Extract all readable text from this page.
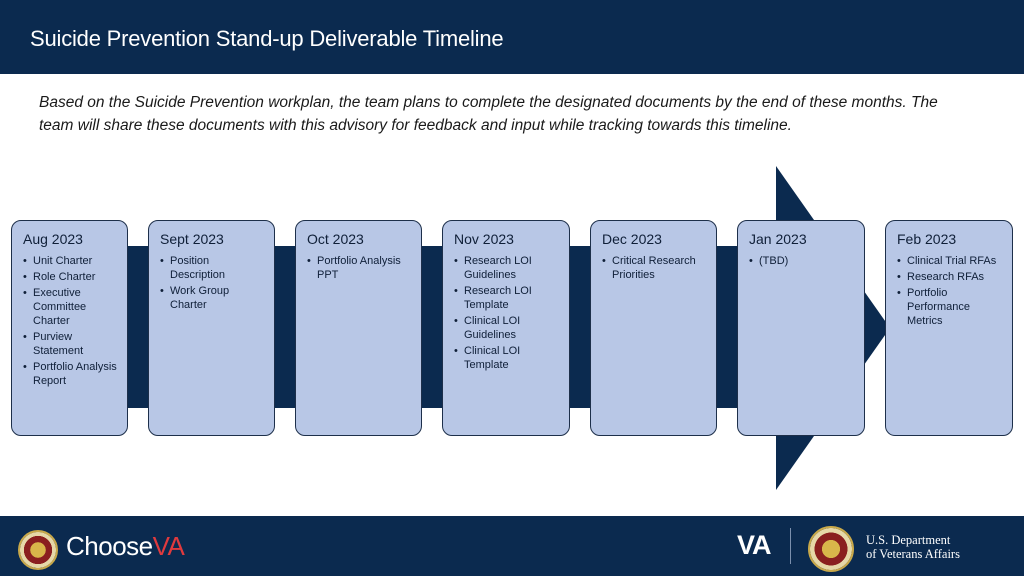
Suicide Prevention Stand-up Deliverable Timeline
Based on the Suicide Prevention workplan, the team plans to complete the designated documents by the end of these months. The team will share these documents with this advisory for feedback and input while tracking towards this timeline.
Aug 2023
• Unit Charter
• Role Charter
• Executive Committee Charter
• Purview Statement
• Portfolio Analysis Report
Sept 2023
• Position Description
• Work Group Charter
Oct 2023
• Portfolio Analysis PPT
Nov 2023
• Research LOI Guidelines
• Research LOI Template
• Clinical LOI Guidelines
• Clinical LOI Template
Dec 2023
• Critical Research Priorities
Jan 2023
• (TBD)
Feb 2023
• Clinical Trial RFAs
• Research RFAs
• Portfolio Performance Metrics
ChooseVA	VA	U.S. Department
of Veterans Affairs
